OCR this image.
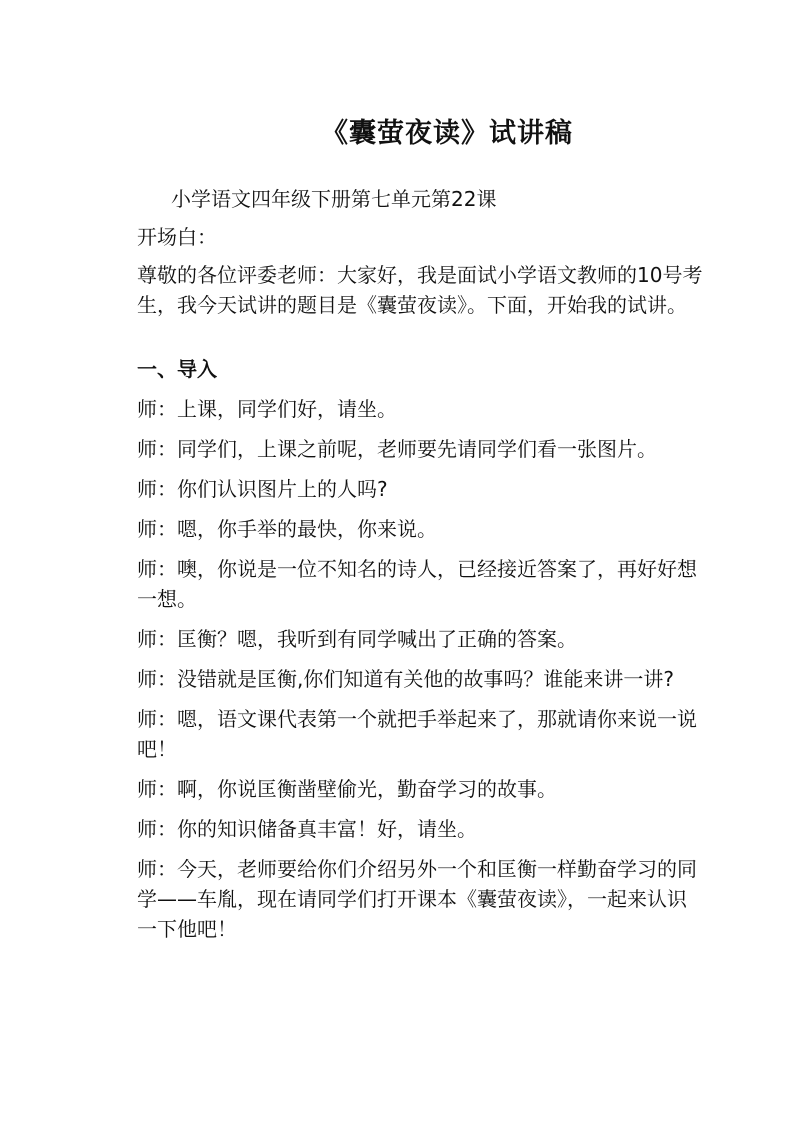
《囊萤夜读》试讲稿

小学语文四年级下册第七单元第22课

开场白：

尊敬的各位评委老师：大家好，我是面试小学语文教师的10号考生，我今天试讲的题目是《囊萤夜读》。下面，开始我的试讲。

一、导入

师：上课，同学们好，请坐。

师：同学们，上课之前呢，老师要先请同学们看一张图片。

师：你们认识图片上的人吗?

师：嗯，你手举的最快，你来说。

师：噢，你说是一位不知名的诗人，已经接近答案了，再好好想一想。

师：匡衡？嗯，我听到有同学喊出了正确的答案。

师：没错就是匡衡,你们知道有关他的故事吗？谁能来讲一讲?

师：嗯，语文课代表第一个就把手举起来了，那就请你来说一说吧！

师：啊，你说匡衡凿壁偷光，勤奋学习的故事。

师：你的知识储备真丰富！好，请坐。

师：今天，老师要给你们介绍另外一个和匡衡一样勤奋学习的同学——车胤，现在请同学们打开课本《囊萤夜读》，一起来认识一下他吧！
